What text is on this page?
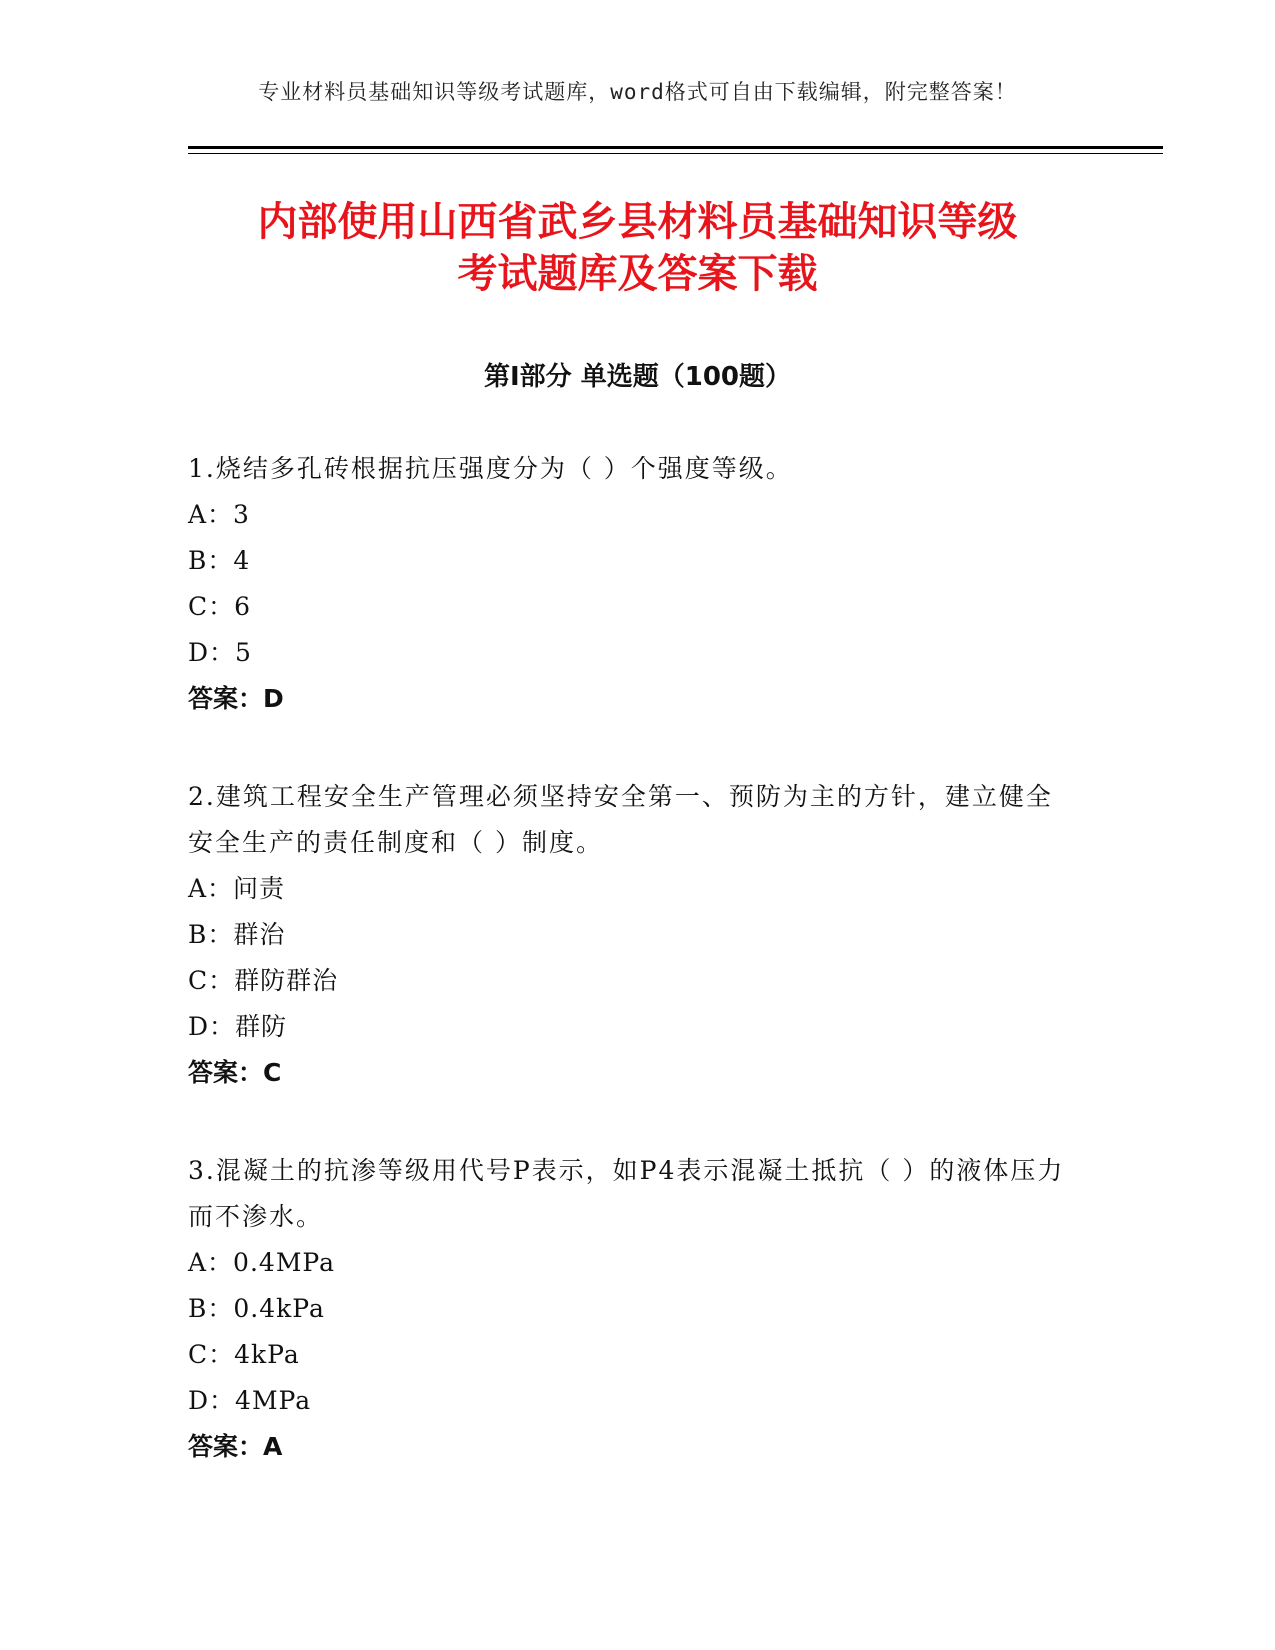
专业材料员基础知识等级考试题库，word格式可自由下载编辑，附完整答案！
内部使用山西省武乡县材料员基础知识等级
考试题库及答案下载
第Ⅰ部分 单选题（100题）

1.烧结多孔砖根据抗压强度分为（ ）个强度等级。

A：3

B：4

C：6

D：5

答案：D

2.建筑工程安全生产管理必须坚持安全第一、预防为主的方针，建立健全安全生产的责任制度和（ ）制度。

A：问责

B：群治

C：群防群治

D：群防

答案：C

3.混凝土的抗渗等级用代号P表示，如P4表示混凝土抵抗（ ）的液体压力而不渗水。

A：0.4MPa

B：0.4kPa

C：4kPa

D：4MPa

答案：A
